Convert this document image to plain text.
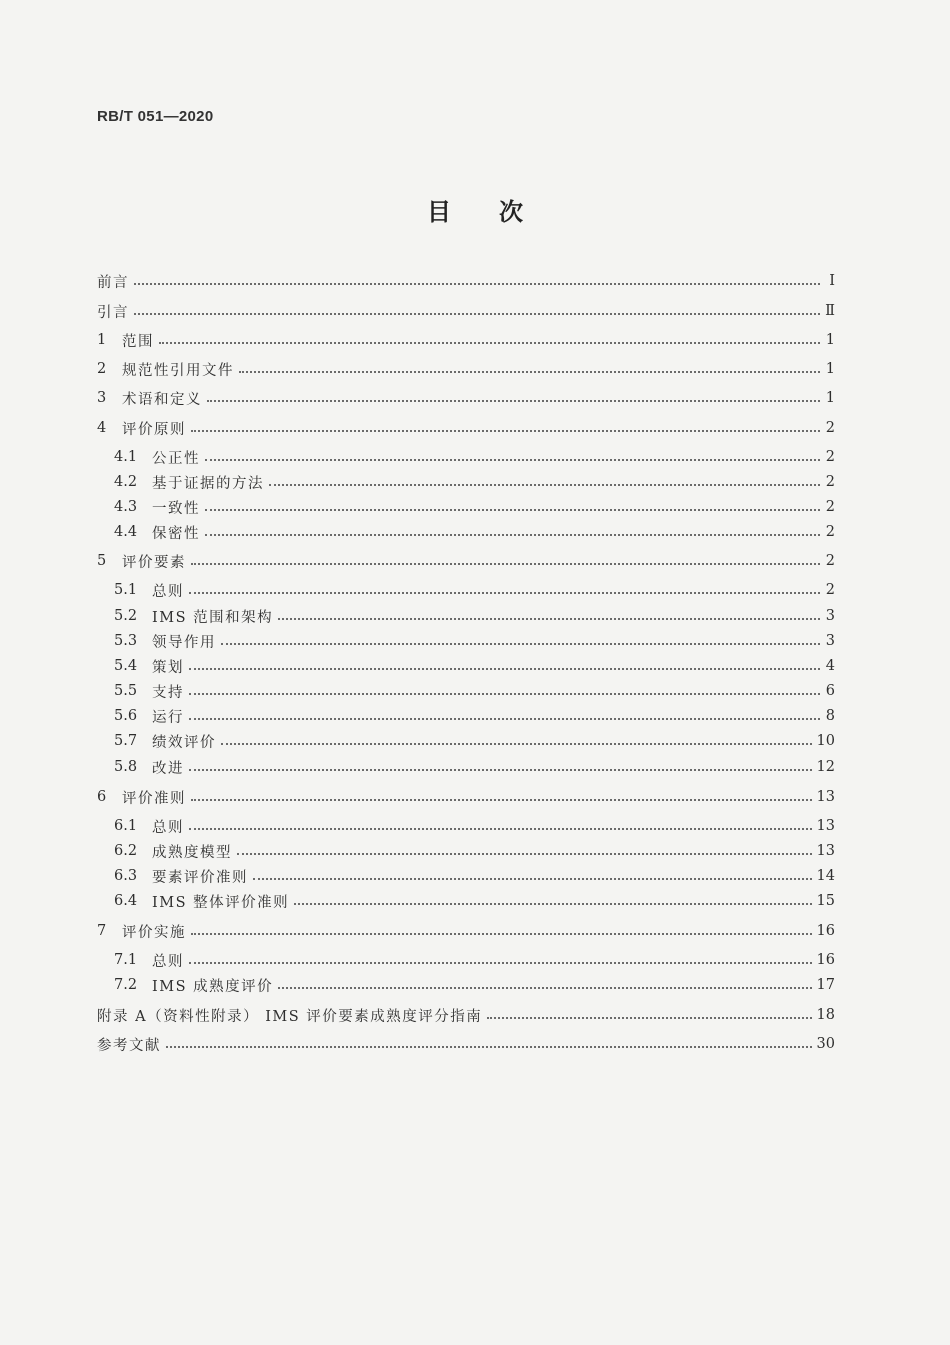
RB/T 051—2020
目 次
前言	Ⅰ
引言	Ⅱ
1	范围	1
2	规范性引用文件	1
3	术语和定义	1
4	评价原则	2
4.1	公正性	2
4.2	基于证据的方法	2
4.3	一致性	2
4.4	保密性	2
5	评价要素	2
5.1	总则	2
5.2	IMS 范围和架构	3
5.3	领导作用	3
5.4	策划	4
5.5	支持	6
5.6	运行	8
5.7	绩效评价	10
5.8	改进	12
6	评价准则	13
6.1	总则	13
6.2	成熟度模型	13
6.3	要素评价准则	14
6.4	IMS 整体评价准则	15
7	评价实施	16
7.1	总则	16
7.2	IMS 成熟度评价	17
附录 A（资料性附录） IMS 评价要素成熟度评分指南	18
参考文献	30
